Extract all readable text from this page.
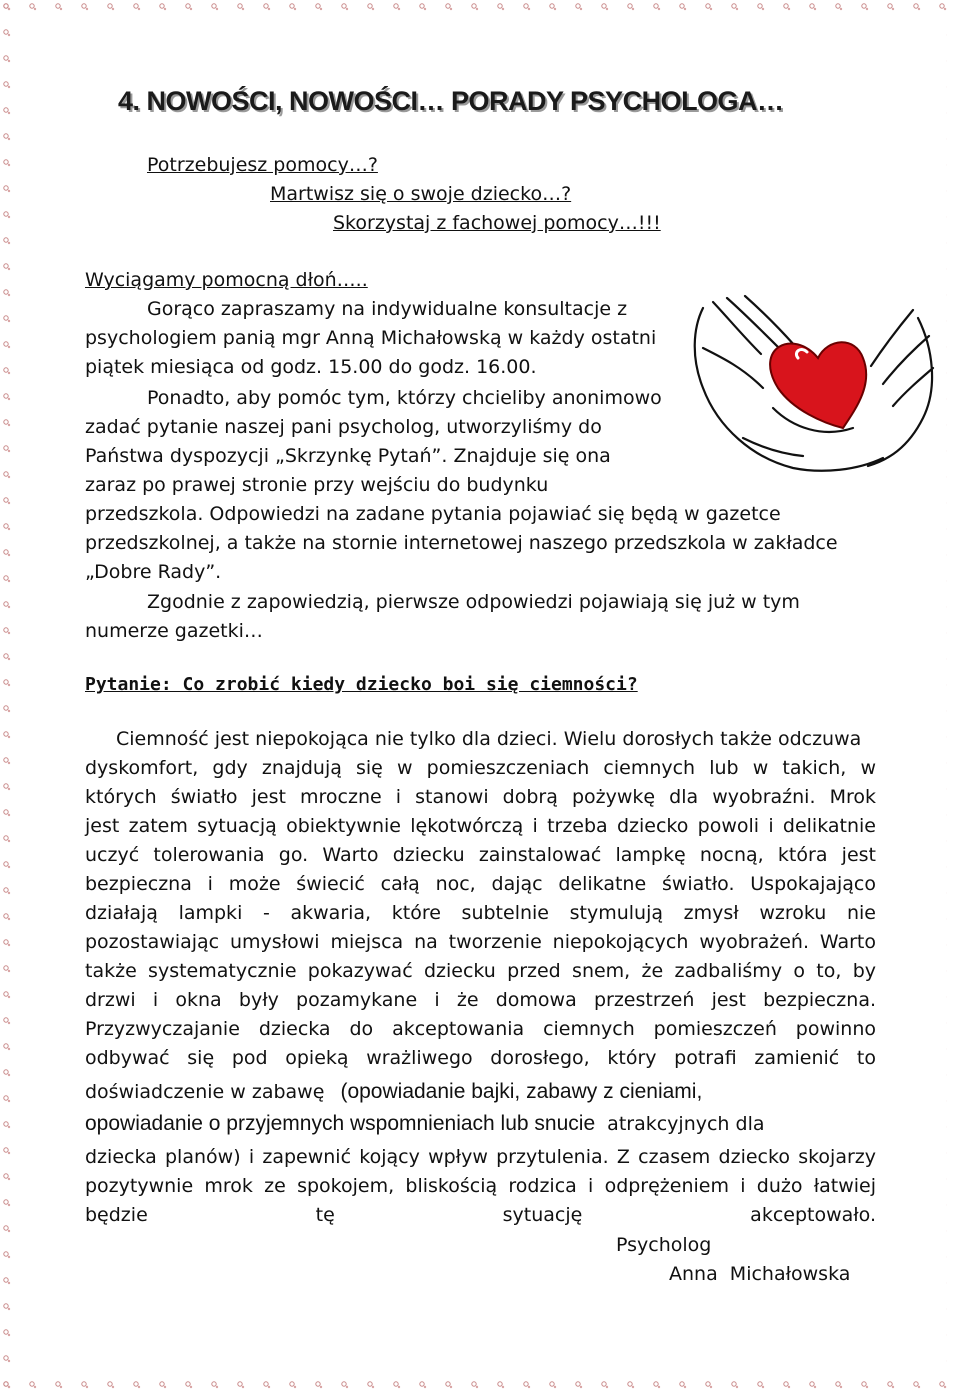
4. NOWOŚCI, NOWOŚCI… PORADY PSYCHOLOGA…
Potrzebujesz pomocy…?
Martwisz się o swoje dziecko…?
Skorzystaj z fachowej pomocy…!!!
Wyciągamy pomocną dłoń…..
Gorąco zapraszamy na indywidualne konsultacje z
psychologiem panią mgr Anną Michałowską w każdy ostatni
piątek miesiąca od godz. 15.00 do godz. 16.00.
Ponadto, aby pomóc tym, którzy chcieliby anonimowo
zadać pytanie naszej pani psycholog, utworzyliśmy do
Państwa dyspozycji „Skrzynkę Pytań”. Znajduje się ona
zaraz po prawej stronie przy wejściu do budynku
przedszkola. Odpowiedzi na zadane pytania pojawiać się będą w gazetce
przedszkolnej, a także na stornie internetowej naszego przedszkola w zakładce
„Dobre Rady”.
Zgodnie z zapowiedzią, pierwsze odpowiedzi pojawiają się już w tym
numerze gazetki…
Pytanie: Co zrobić kiedy dziecko boi się ciemności?
Ciemność jest niepokojąca nie tylko dla dzieci. Wielu dorosłych także odczuwa
dyskomfort, gdy znajdują się w pomieszczeniach ciemnych lub w takich, w
których światło jest mroczne i stanowi dobrą pożywkę dla wyobraźni. Mrok
jest zatem sytuacją obiektywnie lękotwórczą i trzeba dziecko powoli i delikatnie
uczyć tolerowania go. Warto dziecku zainstalować lampkę nocną, która jest
bezpieczna i może świecić całą noc, dając delikatne światło. Uspokajająco
działają lampki - akwaria, które subtelnie stymulują zmysł wzroku nie
pozostawiając umysłowi miejsca na tworzenie niepokojących wyobrażeń. Warto
także systematycznie pokazywać dziecku przed snem, że zadbaliśmy o to, by
drzwi i okna były pozamykane i że domowa przestrzeń jest bezpieczna.
Przyzwyczajanie dziecka do akceptowania ciemnych pomieszczeń powinno
odbywać się pod opieką wrażliwego dorosłego, który potrafi zamienić to
doświadczenie w zabawę (opowiadanie bajki, zabawy z cieniami,
opowiadanie o przyjemnych wspomnieniach lub snucie atrakcyjnych dla
dziecka planów) i zapewnić kojący wpływ przytulenia. Z czasem dziecko skojarzy
pozytywnie mrok ze spokojem, bliskością rodzica i odprężeniem i dużo łatwiej
będzie tę sytuację akceptowało.
Psycholog
Anna  Michałowska
